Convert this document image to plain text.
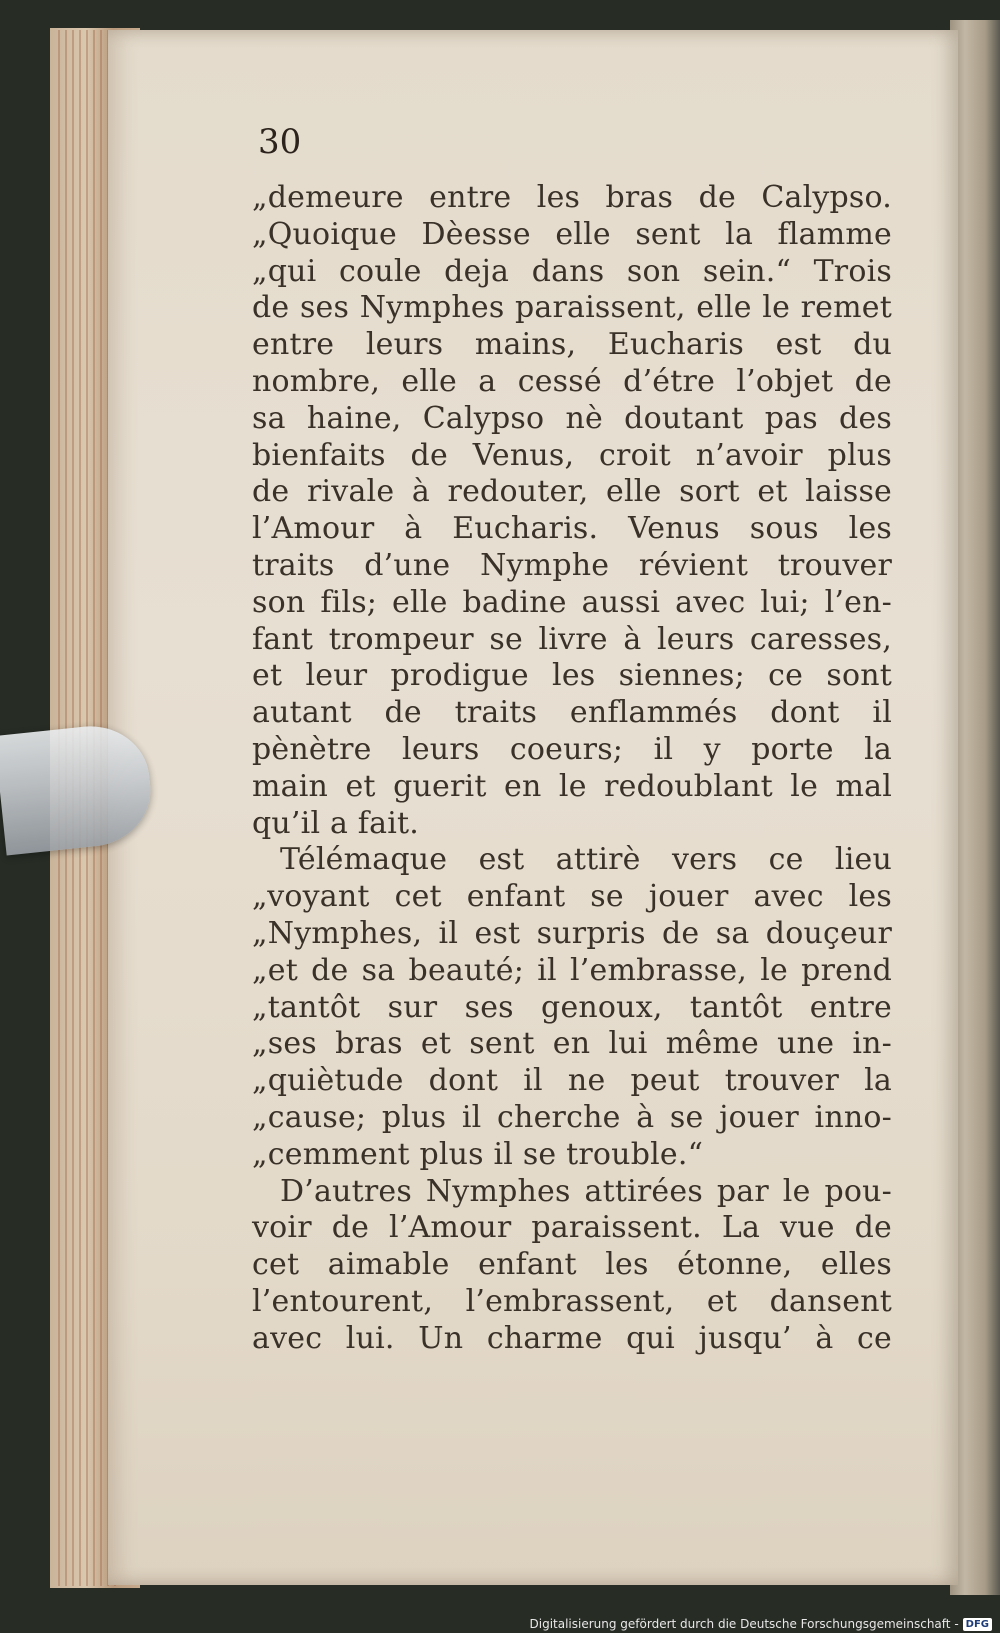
30
„demeure entre les bras de Calypso.
„Quoique Dèesse elle sent la flamme
„qui coule deja dans son sein.“ Trois
de ses Nymphes paraissent, elle le remet
entre leurs mains, Eucharis est du
nombre, elle a cessé d’étre l’objet de
sa haine, Calypso nè doutant pas des
bienfaits de Venus, croit n’avoir plus
de rivale à redouter, elle sort et laisse
l’Amour à Eucharis. Venus sous les
traits d’une Nymphe révient trouver
son fils; elle badine aussi avec lui; l’en-
fant trompeur se livre à leurs caresses,
et leur prodigue les siennes; ce sont
autant de traits enflammés dont il
pènètre leurs coeurs; il y porte la
main et guerit en le redoublant le mal
qu’il a fait.
Télémaque est attirè vers ce lieu
„voyant cet enfant se jouer avec les
„Nymphes, il est surpris de sa douçeur
„et de sa beauté; il l’embrasse, le prend
„tantôt sur ses genoux, tantôt entre
„ses bras et sent en lui même une in-
„quiètude dont il ne peut trouver la
„cause; plus il cherche à se jouer inno-
„cemment plus il se trouble.“
D’autres Nymphes attirées par le pou-
voir de l’Amour paraissent. La vue de
cet aimable enfant les étonne, elles
l’entourent, l’embrassent, et dansent
avec lui. Un charme qui jusqu’ à ce
Digitalisierung gefördert durch die Deutsche Forschungsgemeinschaft - DFG
